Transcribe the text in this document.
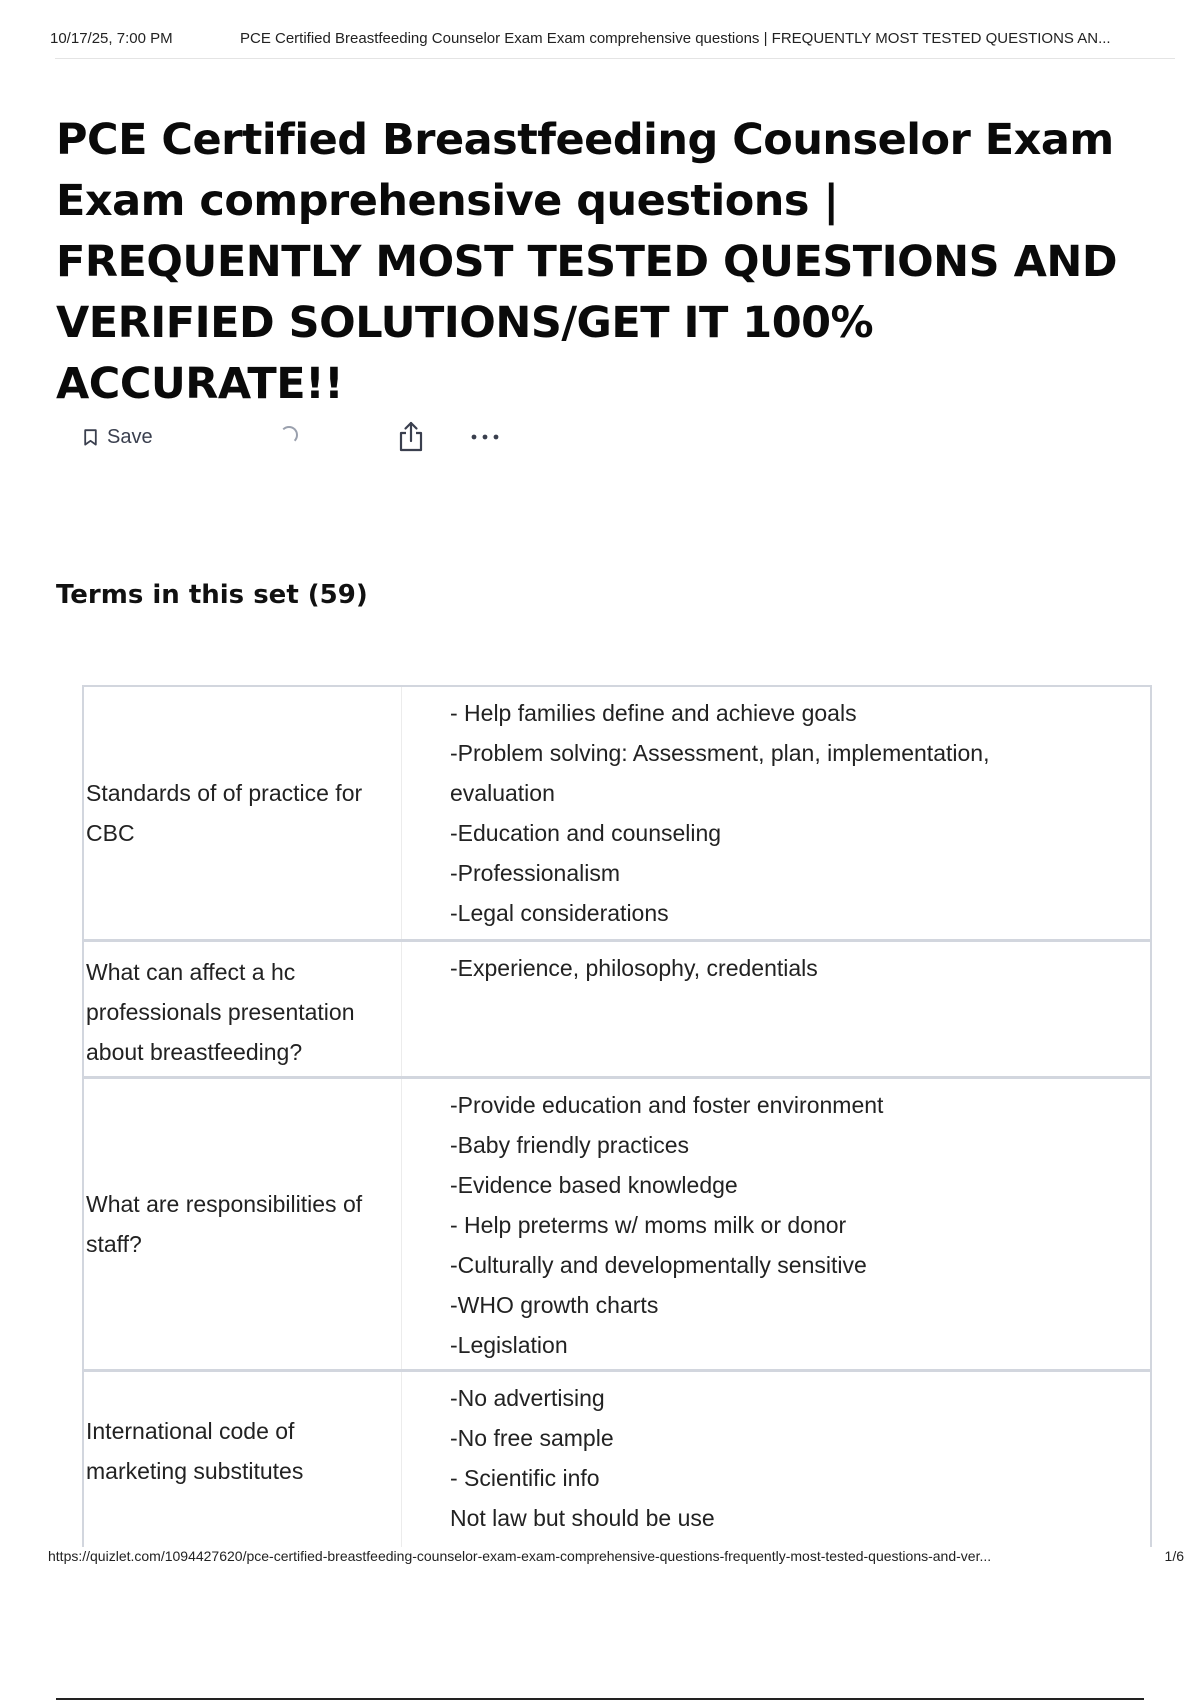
10/17/25, 7:00 PM	PCE Certified Breastfeeding Counselor Exam Exam comprehensive questions | FREQUENTLY MOST TESTED QUESTIONS AN...
PCE Certified Breastfeeding Counselor Exam Exam comprehensive questions | FREQUENTLY MOST TESTED QUESTIONS AND VERIFIED SOLUTIONS/GET IT 100% ACCURATE!!
Save
Terms in this set (59)
Standards of of practice for CBC
- Help families define and achieve goals
-Problem solving: Assessment, plan, implementation,
evaluation
-Education and counseling
-Professionalism
-Legal considerations
What can affect a hc professionals presentation about breastfeeding?
-Experience, philosophy, credentials
What are responsibilities of staff?
-Provide education and foster environment
-Baby friendly practices
-Evidence based knowledge
- Help preterms w/ moms milk or donor
-Culturally and developmentally sensitive
-WHO growth charts
-Legislation
International code of marketing substitutes
-No advertising
-No free sample
- Scientific info
Not law but should be use
https://quizlet.com/1094427620/pce-certified-breastfeeding-counselor-exam-exam-comprehensive-questions-frequently-most-tested-questions-and-ver...	1/6
